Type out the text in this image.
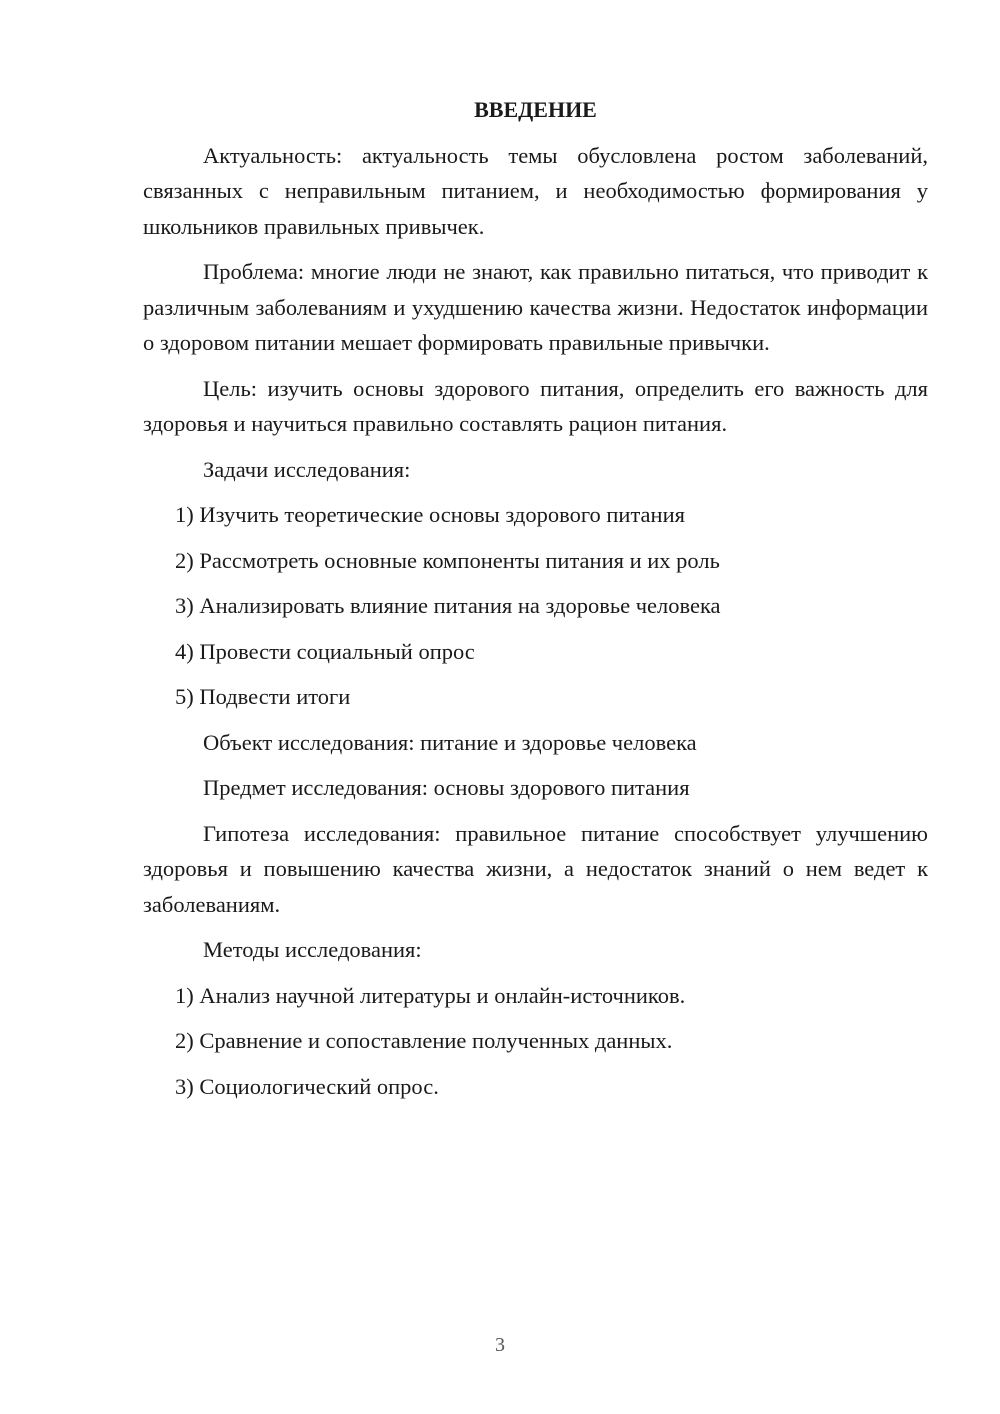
ВВЕДЕНИЕ
Актуальность: актуальность темы обусловлена ростом заболеваний, связанных с неправильным питанием, и необходимостью формирования у школьников правильных привычек.
Проблема: многие люди не знают, как правильно питаться, что приводит к различным заболеваниям и ухудшению качества жизни. Недостаток информации о здоровом питании мешает формировать правильные привычки.
Цель: изучить основы здорового питания, определить его важность для здоровья и научиться правильно составлять рацион питания.
Задачи исследования:
1) Изучить теоретические основы здорового питания
2) Рассмотреть основные компоненты питания и их роль
3) Анализировать влияние питания на здоровье человека
4) Провести социальный опрос
5) Подвести итоги
Объект исследования: питание и здоровье человека
Предмет исследования: основы здорового питания
Гипотеза исследования: правильное питание способствует улучшению здоровья и повышению качества жизни, а недостаток знаний о нем ведет к заболеваниям.
Методы исследования:
1) Анализ научной литературы и онлайн-источников.
2) Сравнение и сопоставление полученных данных.
3) Социологический опрос.
3
